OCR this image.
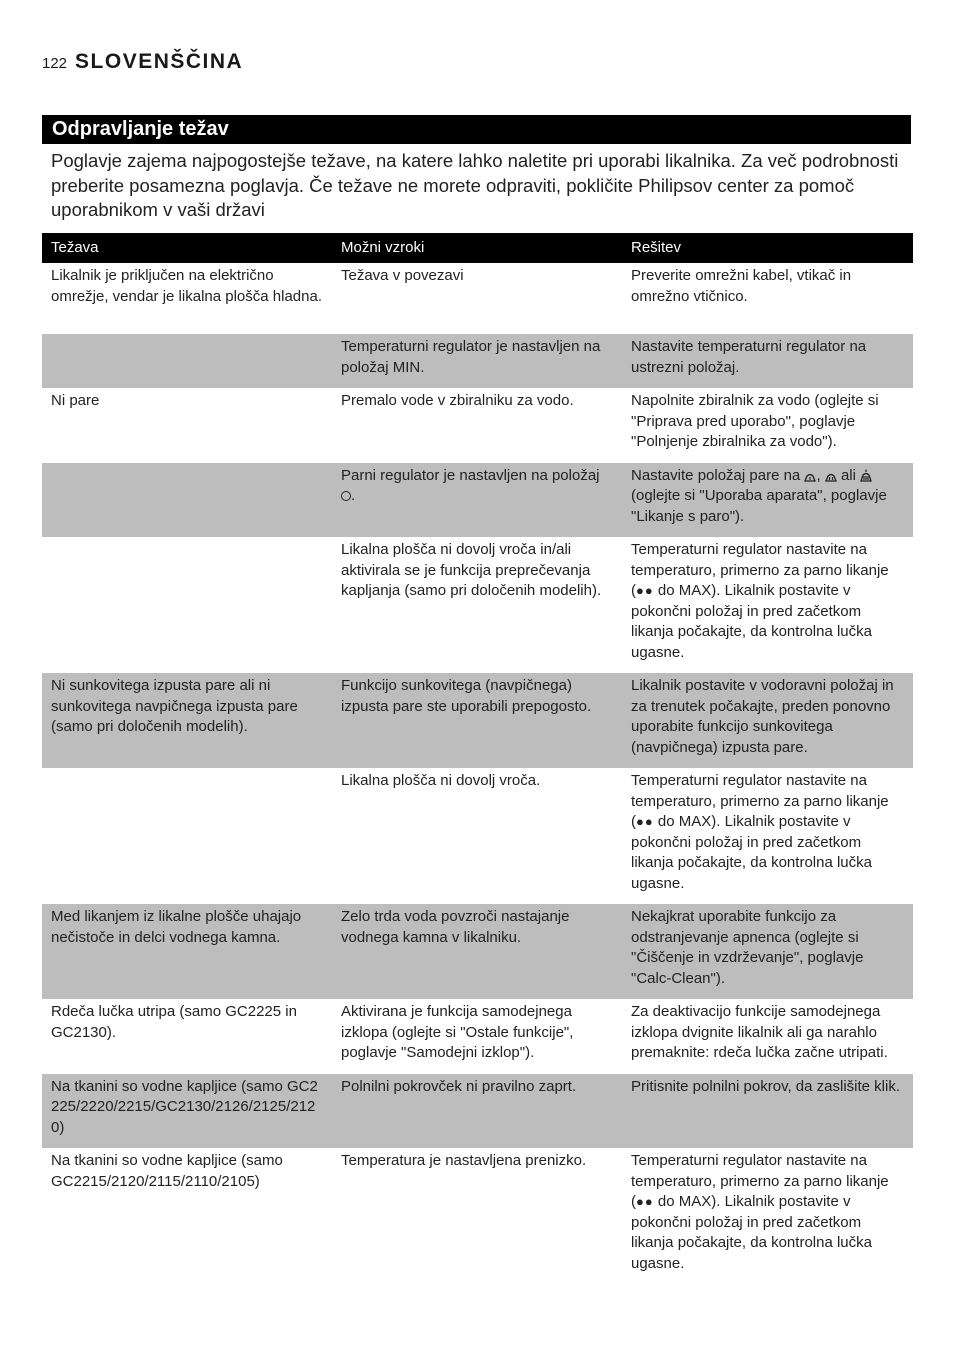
122 SLOVENŠČINA
Odpravljanje težav
Poglavje zajema najpogostejše težave, na katere lahko naletite pri uporabi likalnika. Za več podrobnosti preberite posamezna poglavja. Če težave ne morete odpraviti, pokličite Philipsov center za pomoč uporabnikom v vaši državi
Težava	Možni vzroki	Rešitev
Likalnik je priključen na električno omrežje, vendar je likalna plošča hladna.	Težava v povezavi	Preverite omrežni kabel, vtikač in omrežno vtičnico.
	Temperaturni regulator je nastavljen na položaj MIN.	Nastavite temperaturni regulator na ustrezni položaj.
Ni pare	Premalo vode v zbiralniku za vodo.	Napolnite zbiralnik za vodo (oglejte si "Priprava pred uporabo", poglavje "Polnjenje zbiralnika za vodo").
	Parni regulator je nastavljen na položaj .	Nastavite položaj pare na , ali  (oglejte si "Uporaba aparata", poglavje "Likanje s paro").
	Likalna plošča ni dovolj vroča in/ali aktivirala se je funkcija preprečevanja kapljanja (samo pri določenih modelih).	Temperaturni regulator nastavite na temperaturo, primerno za parno likanje (●● do MAX). Likalnik postavite v pokončni položaj in pred začetkom likanja počakajte, da kontrolna lučka ugasne.
Ni sunkovitega izpusta pare ali ni sunkovitega navpičnega izpusta pare (samo pri določenih modelih).	Funkcijo sunkovitega (navpičnega) izpusta pare ste uporabili prepogosto.	Likalnik postavite v vodoravni položaj in za trenutek počakajte, preden ponovno uporabite funkcijo sunkovitega (navpičnega) izpusta pare.
	Likalna plošča ni dovolj vroča.	Temperaturni regulator nastavite na temperaturo, primerno za parno likanje (●● do MAX). Likalnik postavite v pokončni položaj in pred začetkom likanja počakajte, da kontrolna lučka ugasne.
Med likanjem iz likalne plošče uhajajo nečistoče in delci vodnega kamna.	Zelo trda voda povzroči nastajanje vodnega kamna v likalniku.	Nekajkrat uporabite funkcijo za odstranjevanje apnenca (oglejte si "Čiščenje in vzdrževanje", poglavje "Calc-Clean").
Rdeča lučka utripa (samo GC2225 in GC2130).	Aktivirana je funkcija samodejnega izklopa (oglejte si "Ostale funkcije", poglavje "Samodejni izklop").	Za deaktivacijo funkcije samodejnega izklopa dvignite likalnik ali ga narahlo premaknite: rdeča lučka začne utripati.
Na tkanini so vodne kapljice (samo GC2225/2220/2215/GC2130/2126/2125/2120)	Polnilni pokrovček ni pravilno zaprt.	Pritisnite polnilni pokrov, da zaslišite klik.
Na tkanini so vodne kapljice (samo GC2215/2120/2115/2110/2105)	Temperatura je nastavljena prenizko.	Temperaturni regulator nastavite na temperaturo, primerno za parno likanje (●● do MAX). Likalnik postavite v pokončni položaj in pred začetkom likanja počakajte, da kontrolna lučka ugasne.
